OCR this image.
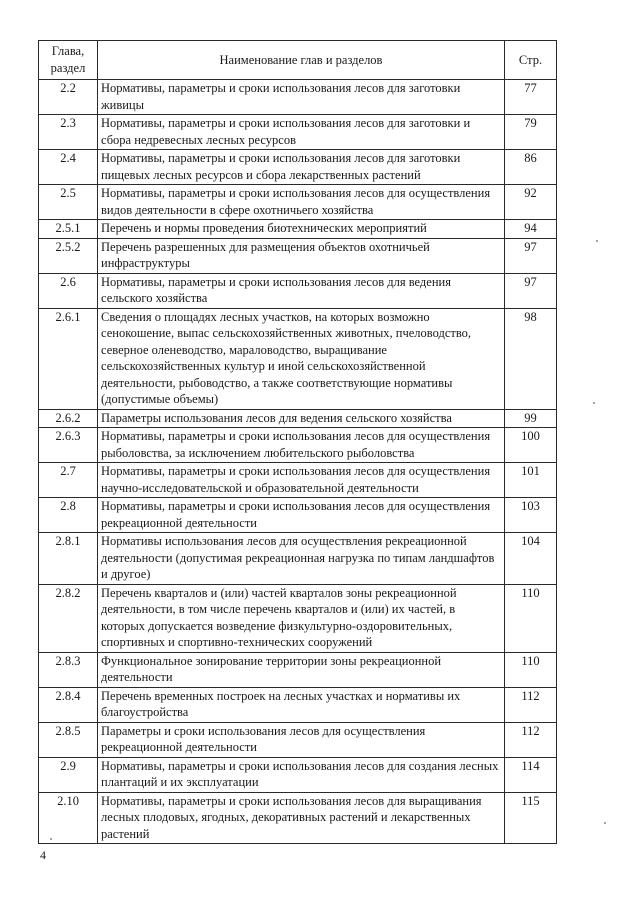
Глава, раздел	Наименование глав и разделов	Стр.
2.2	Нормативы, параметры и сроки использования лесов для заготовки живицы	77
2.3	Нормативы, параметры и сроки использования лесов для заготовки и сбора недревесных лесных ресурсов	79
2.4	Нормативы, параметры и сроки использования лесов для заготовки пищевых лесных ресурсов и сбора лекарственных растений	86
2.5	Нормативы, параметры и сроки использования лесов для осуществления видов деятельности в сфере охотничьего хозяйства	92
2.5.1	Перечень и нормы проведения биотехнических мероприятий	94
2.5.2	Перечень разрешенных для размещения объектов охотничьей инфраструктуры	97
2.6	Нормативы, параметры и сроки использования лесов для ведения сельского хозяйства	97
2.6.1	Сведения о площадях лесных участков, на которых возможно сенокошение, выпас сельскохозяйственных животных, пчеловодство, северное оленеводство, мараловодство, выращивание сельскохозяйственных культур и иной сельскохозяйственной деятельности, рыбоводство, а также соответствующие нормативы (допустимые объемы)	98
2.6.2	Параметры использования лесов для ведения сельского хозяйства	99
2.6.3	Нормативы, параметры и сроки использования лесов для осуществления рыболовства, за исключением любительского рыболовства	100
2.7	Нормативы, параметры и сроки использования лесов для осуществления научно-исследовательской и образовательной деятельности	101
2.8	Нормативы, параметры и сроки использования лесов для осуществления рекреационной деятельности	103
2.8.1	Нормативы использования лесов для осуществления рекреационной деятельности (допустимая рекреационная нагрузка по типам ландшафтов и другое)	104
2.8.2	Перечень кварталов и (или) частей кварталов зоны рекреационной деятельности, в том числе перечень кварталов и (или) их частей, в которых допускается возведение физкультурно-оздоровительных, спортивных и спортивно-технических сооружений	110
2.8.3	Функциональное зонирование территории зоны рекреационной деятельности	110
2.8.4	Перечень временных построек на лесных участках и нормативы их благоустройства	112
2.8.5	Параметры и сроки использования лесов для осуществления рекреационной деятельности	112
2.9	Нормативы, параметры и сроки использования лесов для создания лесных плантаций и их эксплуатации	114
2.10	Нормативы, параметры и сроки использования лесов для выращивания лесных плодовых, ягодных, декоративных растений и лекарственных растений	115
4
